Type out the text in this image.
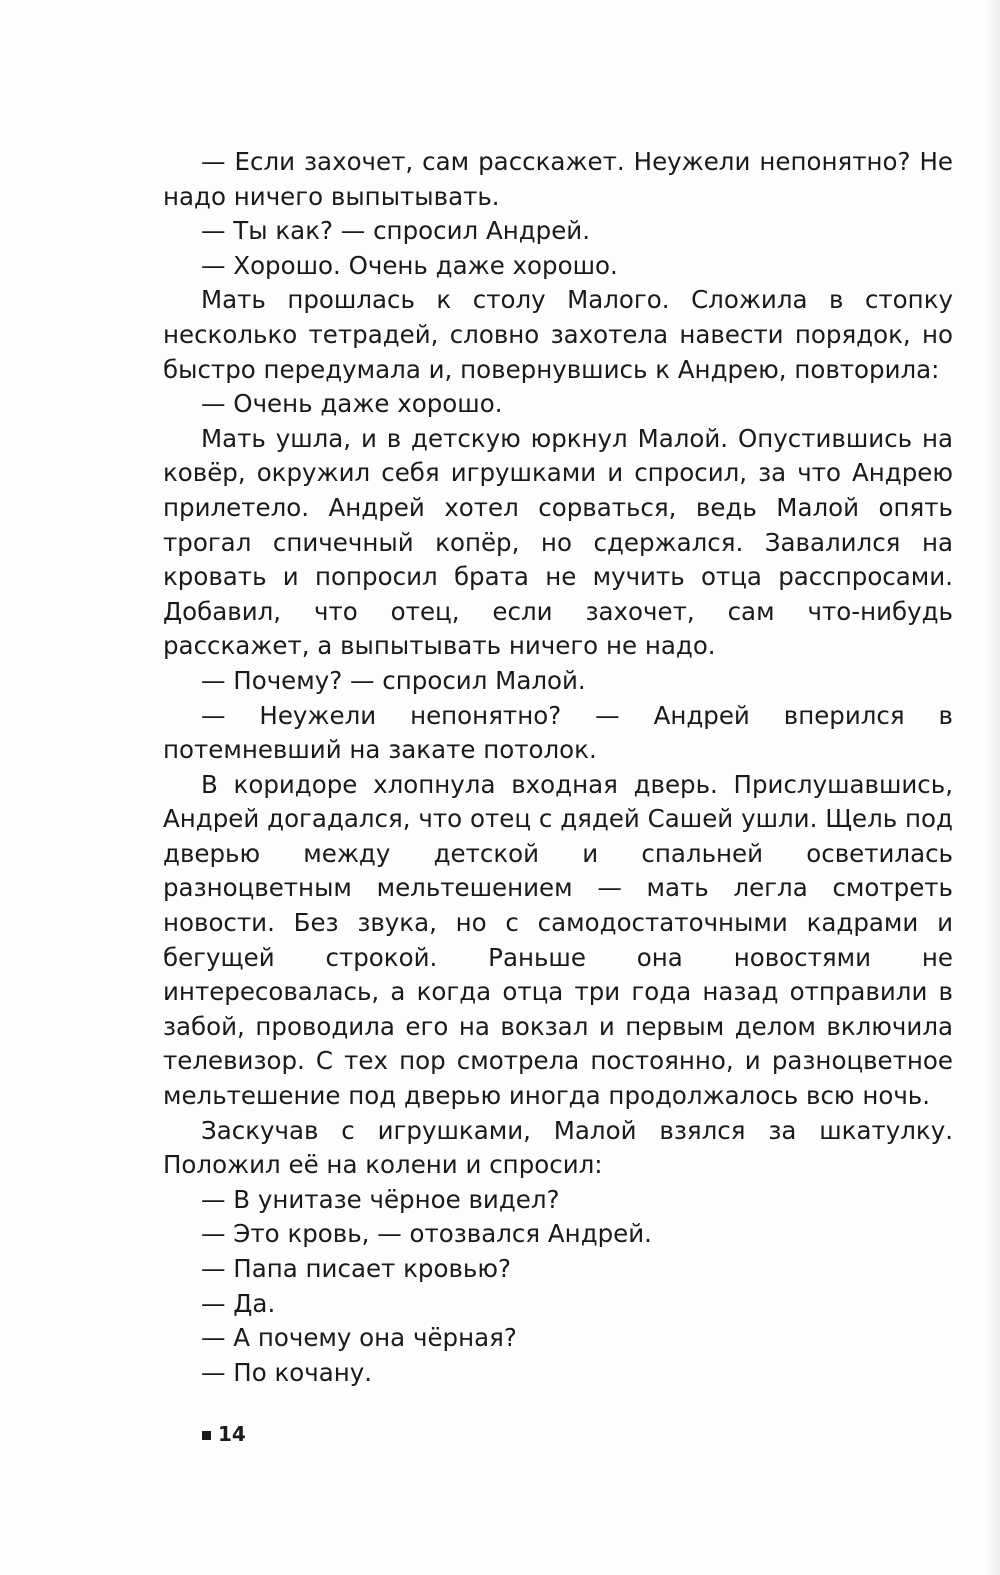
— Если захочет, сам расскажет. Неужели непонятно? Не надо ничего выпытывать.

— Ты как? — спросил Андрей.

— Хорошо. Очень даже хорошо.

Мать прошлась к столу Малого. Сложила в стопку несколько тетрадей, словно захотела навести порядок, но быстро передумала и, повернувшись к Андрею, повторила:

— Очень даже хорошо.

Мать ушла, и в детскую юркнул Малой. Опустившись на ковёр, окружил себя игрушками и спросил, за что Андрею прилетело. Андрей хотел сорваться, ведь Малой опять трогал спичечный копёр, но сдержался. Завалился на кровать и попросил брата не мучить отца расспросами. Добавил, что отец, если захочет, сам что-нибудь расскажет, а выпытывать ничего не надо.

— Почему? — спросил Малой.

— Неужели непонятно? — Андрей вперился в потемневший на закате потолок.

В коридоре хлопнула входная дверь. Прислушавшись, Андрей догадался, что отец с дядей Сашей ушли. Щель под дверью между детской и спальней осветилась разноцветным мельтешением — мать легла смотреть новости. Без звука, но с самодостаточными кадрами и бегущей строкой. Раньше она новостями не интересовалась, а когда отца три года назад отправили в забой, проводила его на вокзал и первым делом включила телевизор. С тех пор смотрела постоянно, и разноцветное мельтешение под дверью иногда продолжалось всю ночь.

Заскучав с игрушками, Малой взялся за шкатулку. Положил её на колени и спросил:

— В унитазе чёрное видел?

— Это кровь, — отозвался Андрей.

— Папа писает кровью?

— Да.

— А почему она чёрная?

— По кочану.

14
